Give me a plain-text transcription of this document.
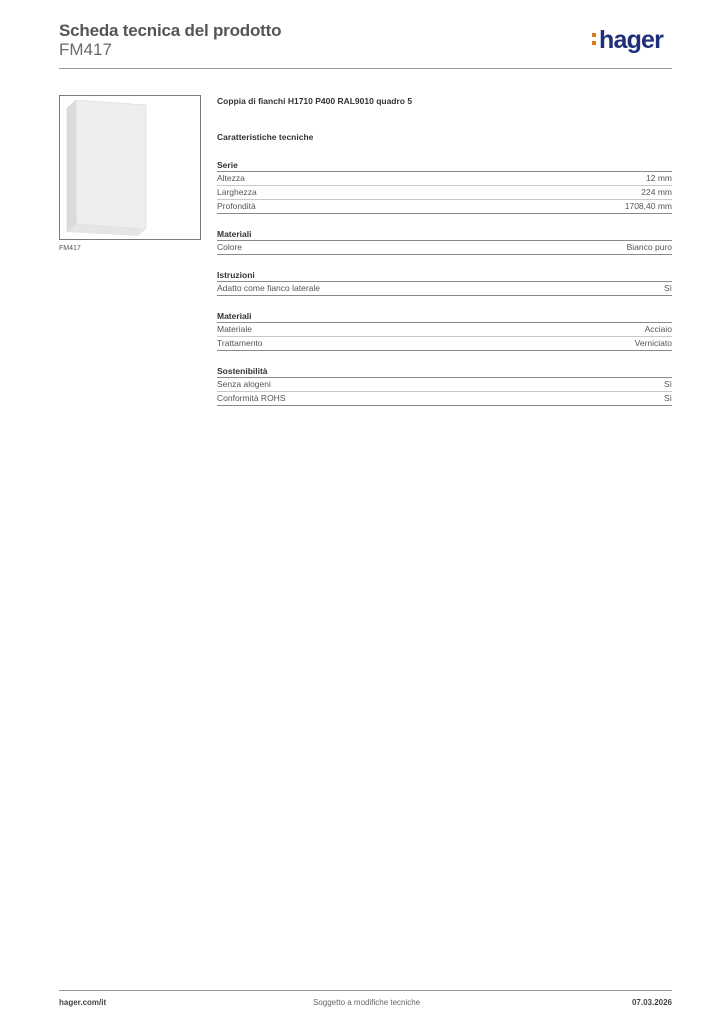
Scheda tecnica del prodotto
FM417	hager
FM417
Coppia di fianchi H1710 P400 RAL9010 quadro 5
Caratteristiche tecniche
Serie
Altezza	12 mm
Larghezza	224 mm
Profondità	1708,40 mm
Materiali
Colore	Bianco puro
Istruzioni
Adatto come fianco laterale	Sì
Materiali
Materiale	Acciaio
Trattamento	Verniciato
Sostenibilità
Senza alogeni	Sì
Conformità ROHS	Sì
hager.com/it	Soggetto a modifiche tecniche	07.03.2026
